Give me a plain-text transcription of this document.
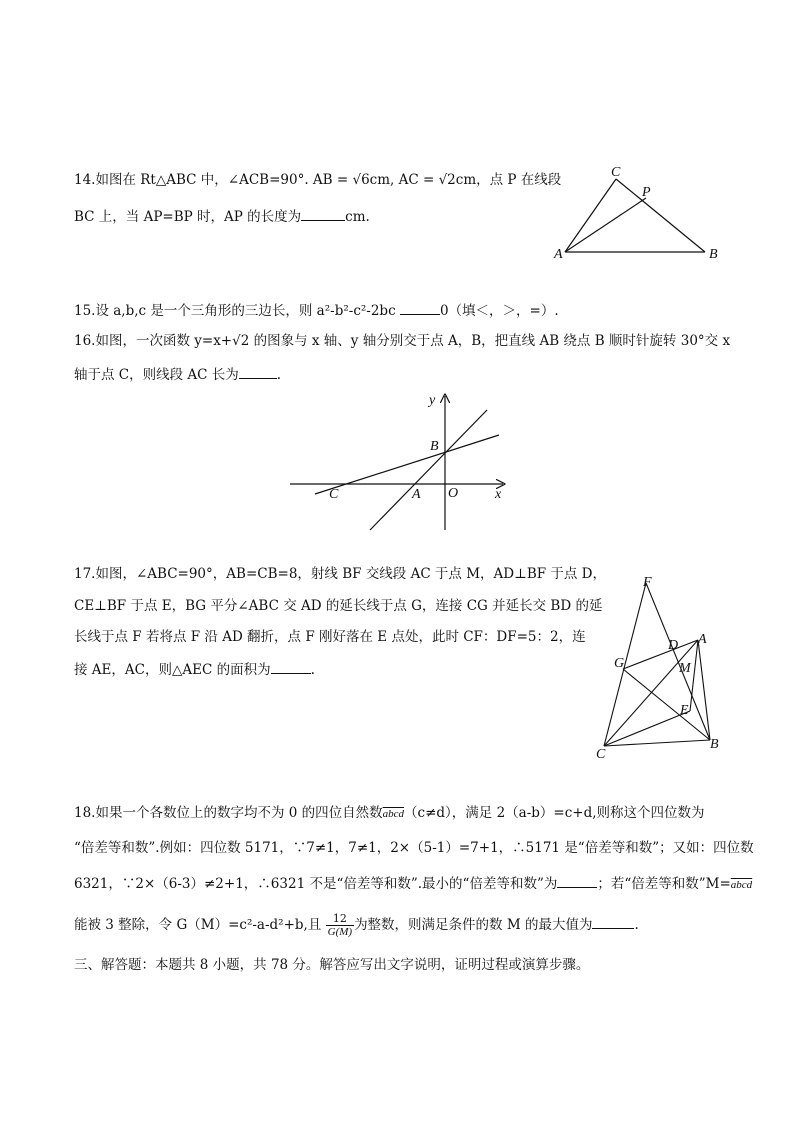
14.如图在 Rt△ABC 中，∠ACB=90°. AB = √6cm, AC = √2cm，点 P 在线段
BC 上，当 AP=BP 时，AP 的长度为	cm.
C
P
A	B
15.设 a,b,c 是一个三角形的三边长，则 a²-b²-c²-2bc	0（填＜，＞，=）.
16.如图，一次函数 y=x+√2 的图象与 x 轴、y 轴分别交于点 A，B，把直线 AB 绕点 B 顺时针旋转 30°交 x
轴于点 C，则线段 AC 长为	.
y
x
B
C	A O
17.如图，∠ABC=90°，AB=CB=8，射线 BF 交线段 AC 于点 M，AD⊥BF 于点 D，
CE⊥BF 于点 E，BG 平分∠ABC 交 AD 的延长线于点 G，连接 CG 并延长交 BD 的延
长线于点 F 若将点 F 沿 AD 翻折，点 F 刚好落在 E 点处，此时 CF：DF=5：2，连
接 AE，AC，则△AEC 的面积为	.
F
D A
G	M
E
C
B
18.如果一个各数位上的数字均不为 0 的四位自然数abcd（c≠d），满足 2（a-b）=c+d,则称这个四位数为
“倍差等和数”.例如：四位数 5171，∵7≠1，7≠1，2×（5-1）=7+1，∴5171 是“倍差等和数”；又如：四位数
6321，∵2×（6-3）≠2+1，∴6321 不是“倍差等和数”.最小的“倍差等和数”为	；若“倍差等和数”M=abcd
能被 3 整除，令 G（M）=c²-a-d²+b,且 $\frac{12}{G(M)}$ 为整数，则满足条件的数 M 的最大值为	.
三、解答题：本题共 8 小题，共 78 分。解答应写出文字说明，证明过程或演算步骤。
